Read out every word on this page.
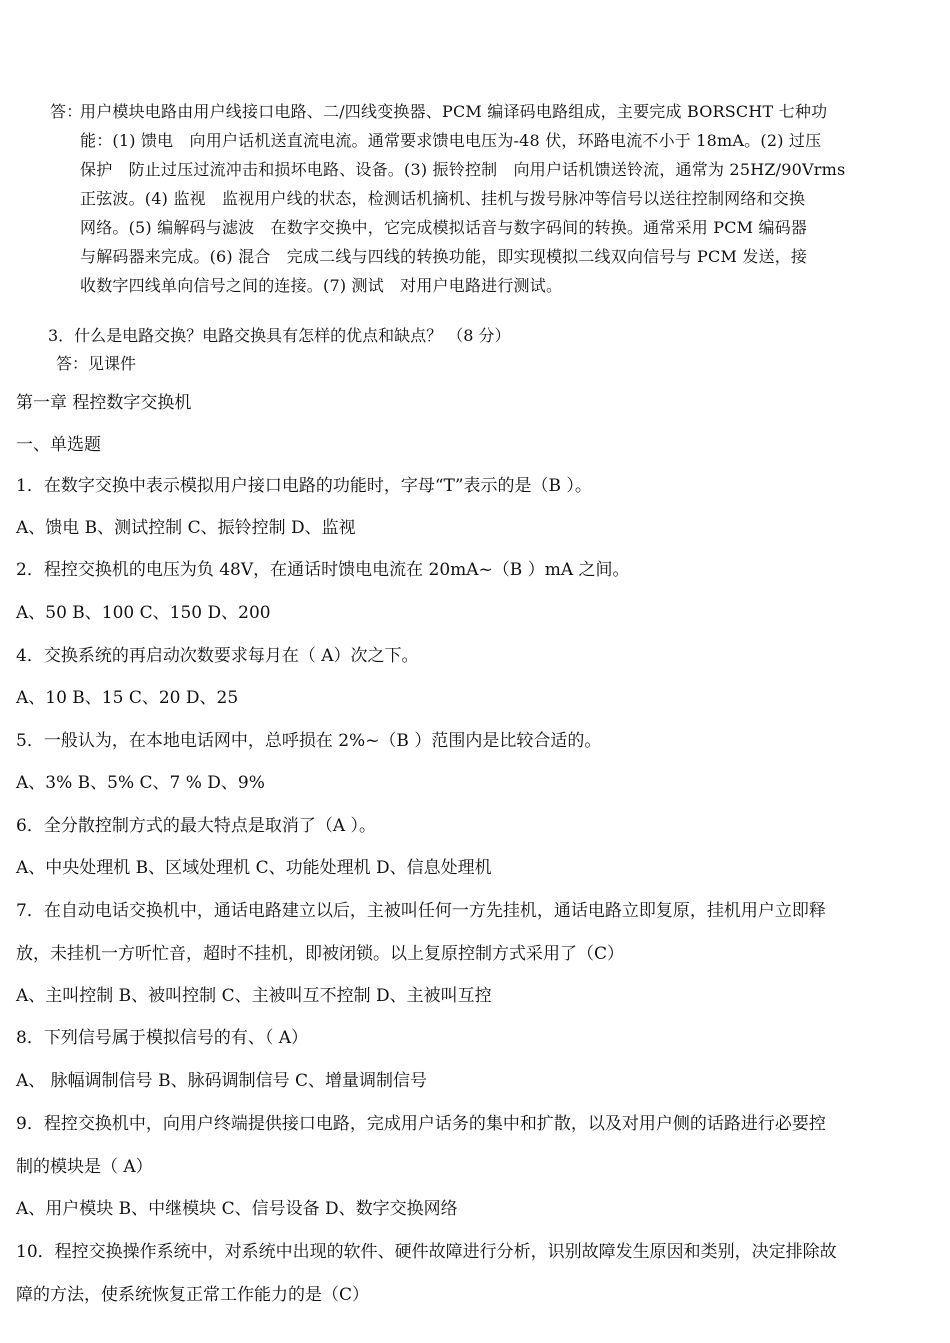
答：
用户模块电路由用户线接口电路、二/四线变换器、PCM 编译码电路组成，主要完成 BORSCHT 七种功
能：(1) 馈电　向用户话机送直流电流。通常要求馈电电压为-48 伏，环路电流不小于 18mA。(2) 过压
保护　防止过压过流冲击和损坏电路、设备。(3) 振铃控制　向用户话机馈送铃流，通常为 25HZ/90Vrms
正弦波。(4) 监视　监视用户线的状态，检测话机摘机、挂机与拨号脉冲等信号以送往控制网络和交换
网络。(5) 编解码与滤波　在数字交换中，它完成模拟话音与数字码间的转换。通常采用 PCM 编码器
与解码器来完成。(6) 混合　完成二线与四线的转换功能，即实现模拟二线双向信号与 PCM 发送，接
收数字四线单向信号之间的连接。(7) 测试　对用户电路进行测试。
3．什么是电路交换？电路交换具有怎样的优点和缺点？ （8 分）
答：见课件
第一章 程控数字交换机
一、单选题
1．在数字交换中表示模拟用户接口电路的功能时，字母“T”表示的是（B ）。
A、馈电 B、测试控制 C、振铃控制 D、监视
2．程控交换机的电压为负 48V，在通话时馈电电流在 20mA~（B ）mA 之间。
A、50 B、100 C、150 D、200
4．交换系统的再启动次数要求每月在（ A）次之下。
A、10 B、15 C、20 D、25
5．一般认为，在本地电话网中，总呼损在 2%~（B ）范围内是比较合适的。
A、3% B、5% C、7 % D、9%
6．全分散控制方式的最大特点是取消了（A ）。
A、中央处理机 B、区域处理机 C、功能处理机 D、信息处理机
7．在自动电话交换机中，通话电路建立以后，主被叫任何一方先挂机，通话电路立即复原，挂机用户立即释
放，未挂机一方听忙音，超时不挂机，即被闭锁。以上复原控制方式采用了（C）
A、主叫控制 B、被叫控制 C、主被叫互不控制 D、主被叫互控
8．下列信号属于模拟信号的有、（ A）
A、 脉幅调制信号 B、脉码调制信号 C、增量调制信号
9．程控交换机中，向用户终端提供接口电路，完成用户话务的集中和扩散，以及对用户侧的话路进行必要控
制的模块是（ A）
A、用户模块 B、中继模块 C、信号设备 D、数字交换网络
10．程控交换操作系统中，对系统中出现的软件、硬件故障进行分析，识别故障发生原因和类别，决定排除故
障的方法，使系统恢复正常工作能力的是（C）
